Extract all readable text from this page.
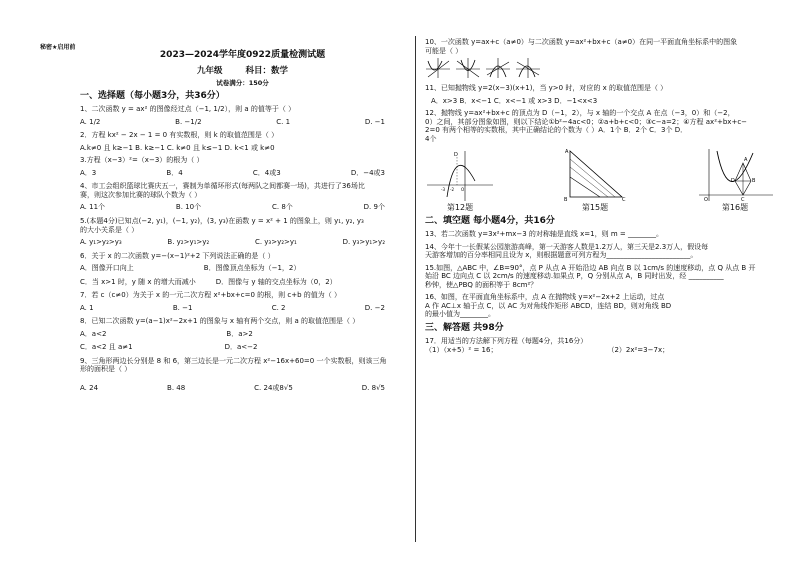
秘密★启用前
2023—2024学年度0922质量检测试题
九年级	科目：数学
试卷满分：150分
一、选择题（每小题3分，共36分）
1、二次函数 y = ax² 的图像经过点（−1, 1/2），则 a 的值等于（ ）
A. 1/2	B. −1/2	C. 1	D. −1
2．方程 kx² − 2x − 1 = 0 有实数根，则 k 的取值范围是（ ）
A.k≠0 且 k≥−1 B. k≥−1 C. k≠0 且 k≤−1 D. k<1 或 k≠0
3.方程（x−3）²=（x−3）的根为（ ）
A．3	B．4	C．4或3	D．−4或3
4、市工会组织篮球比赛庆五一，赛制为单循环形式(每两队之间都赛一场)，共进行了36场比
赛，则这次参加比赛的球队个数为（ ）
A. 11个	B. 10个	C. 8个	D. 9个
5.(本题4分)已知点(−2, y₁)，(−1, y₂)，(3, y₃)在函数 y = x² + 1 的图象上，则 y₁, y₂, y₃
的大小关系是（ ）
A. y₁>y₂>y₃	B. y₂>y₁>y₂	C. y₃>y₂>y₁	D. y₃>y₁>y₂
6．关于 x 的二次函数 y=−(x−1)²+2 下列说法正确的是（ ）
A．图像开口向上	B．图像顶点坐标为（−1，2）
C．当 x>1 时，y 随 x 的增大而减小	D．图像与 y 轴的交点坐标为（0，2）
7．若 c（c≠0）为关于 x 的一元二次方程 x²+bx+c=0 的根，则 c+b 的值为（ ）
A. 1	B. −1	C. 2	D. −2
8．已知二次函数 y=(a−1)x²−2x+1 的图象与 x 轴有两个交点，则 a 的取值范围是（ ）
A．a<2	B．a>2
C．a<2 且 a≠1	D．a<−2
9、三角形两边长分别是 8 和 6，第三边长是一元二次方程 x²−16x+60=0 一个实数根，则该三角
形的面积是（ ）
A. 24	B. 48	C. 24或8√5	D. 8√5
10、一次函数 y=ax+c（a≠0）与二次函数 y=ax²+bx+c（a≠0）在同一平面直角坐标系中的图象
可能是（ ）
11、已知抛物线 y=2(x−3)(x+1)，当 y>0 时，对应的 x 的取值范围是（ ）
A．x>3 B．x<−1 C．x<−1 或 x>3 D．−1<x<3
12、抛物线 y=ax²+bx+c 的顶点为 D（−1，2），与 x 轴的一个交点 A 在点（−3，0）和（−2，
0）之间，其部分图象如图，则以下结论①b²−4ac<0；②a+b+c<0；③c−a=2；④方程 ax²+bx+c−
2=0 有两个相等的实数根，其中正确结论的个数为（ ）A．1个 B．2个 C．3个 D．
4个
D
-3 -2 O
第12题
A
B	C
第15题
A
B
D
C
O
第16题
二、填空题 每小题4分，共16分
13、若二次函数 y=3x²+mx−3 的对称轴是直线 x=1，则 m = ________。
14、今年十一长假某公园旅游高峰，第一天游客人数是1.2万人，第三天是2.3万人，假设每
天游客增加的百分率相同且设为 x，则根据题意可列方程为________________________。
15.如图，△ABC 中，∠B=90°，点 P 从点 A 开始沿边 AB 向点 B 以 1cm/s 的速度移动，点 Q 从点 B 开
始沿 BC 边向点 C 以 2cm/s 的速度移动.如果点 P，Q 分别从点 A，B 同时出发，经 __________
秒钟，使△PBQ 的面积等于 8cm²？
16、如图，在平面直角坐标系中，点 A 在抛物线 y=x²−2x+2 上运动，过点
A 作 AC⊥x 轴于点 C，以 AC 为对角线作矩形 ABCD，连结 BD，则对角线 BD
的最小值为________。
三、解答题 共98分
17．用适当的方法解下列方程（每题4分，共16分）
（1）（x+5）² = 16；	（2）2x²=3−7x；
